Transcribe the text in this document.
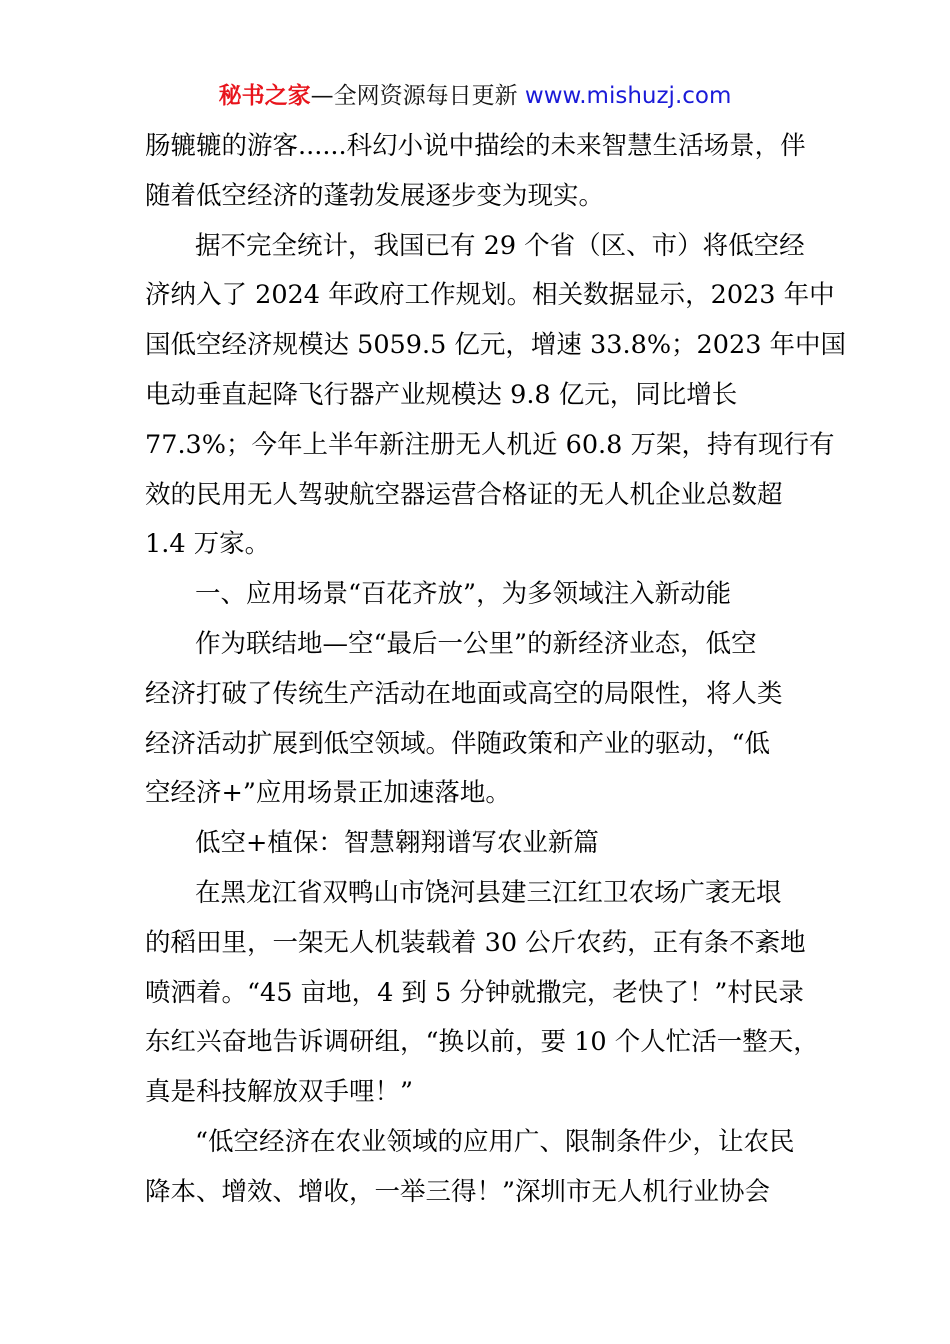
秘书之家—全网资源每日更新 www.mishuzj.com
肠辘辘的游客......科幻小说中描绘的未来智慧生活场景，伴
随着低空经济的蓬勃发展逐步变为现实。
据不完全统计，我国已有 29 个省（区、市）将低空经
济纳入了 2024 年政府工作规划。相关数据显示，2023 年中
国低空经济规模达 5059.5 亿元，增速 33.8%；2023 年中国
电动垂直起降飞行器产业规模达 9.8 亿元，同比增长
77.3%；今年上半年新注册无人机近 60.8 万架，持有现行有
效的民用无人驾驶航空器运营合格证的无人机企业总数超
1.4 万家。
一、应用场景“百花齐放”，为多领域注入新动能
作为联结地—空“最后一公里”的新经济业态，低空
经济打破了传统生产活动在地面或高空的局限性，将人类
经济活动扩展到低空领域。伴随政策和产业的驱动，“低
空经济+”应用场景正加速落地。
低空+植保：智慧翱翔谱写农业新篇
在黑龙江省双鸭山市饶河县建三江红卫农场广袤无垠
的稻田里，一架无人机装载着 30 公斤农药，正有条不紊地
喷洒着。“45 亩地，4 到 5 分钟就撒完，老快了！”村民录
东红兴奋地告诉调研组，“换以前，要 10 个人忙活一整天，
真是科技解放双手哩！”
“低空经济在农业领域的应用广、限制条件少，让农民
降本、增效、增收，一举三得！”深圳市无人机行业协会
